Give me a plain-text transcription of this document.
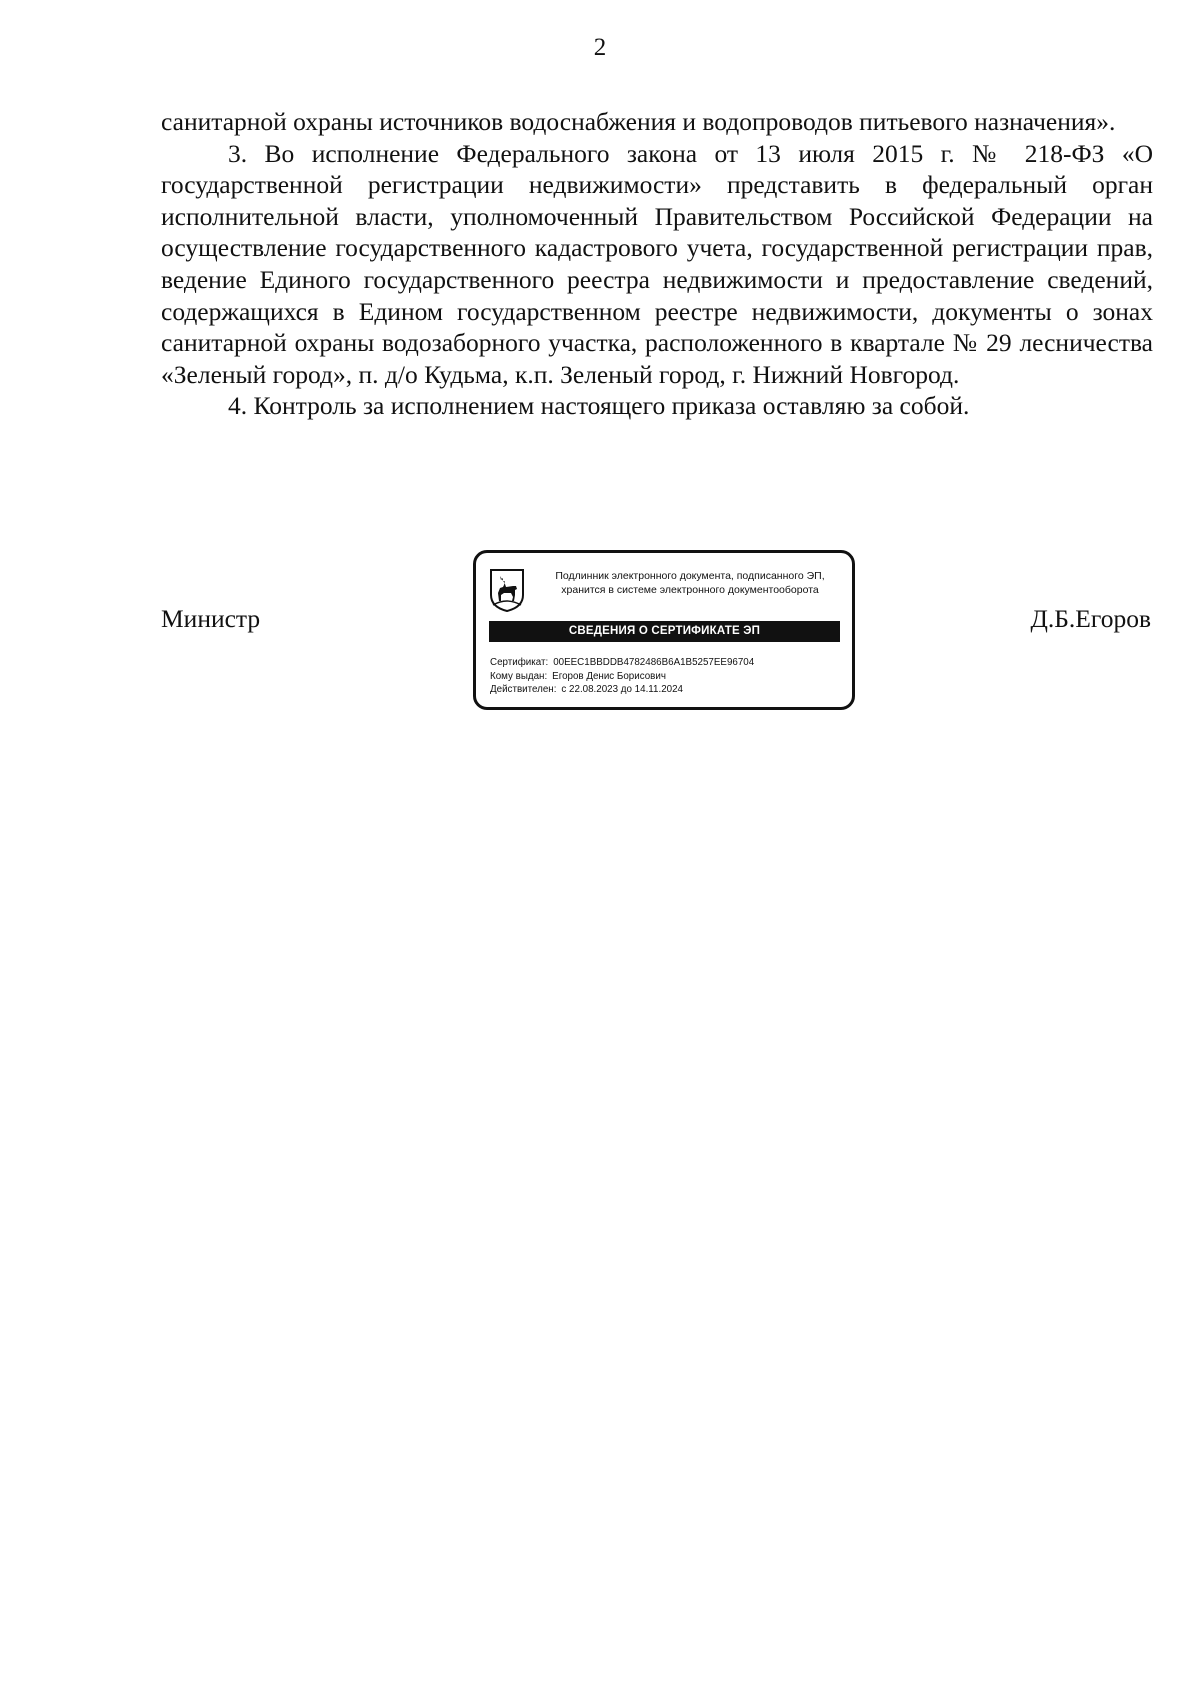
2

санитарной охраны источников водоснабжения и водопроводов питьевого назначения».

3. Во исполнение Федерального закона от 13 июля 2015 г. № 218-ФЗ «О государственной регистрации недвижимости» представить в федеральный орган исполнительной власти, уполномоченный Правительством Российской Федерации на осуществление государственного кадастрового учета, государственной регистрации прав, ведение Единого государственного реестра недвижимости и предоставление сведений, содержащихся в Едином государственном реестре недвижимости, документы о зонах санитарной охраны водозаборного участка, расположенного в квартале № 29 лесничества «Зеленый город», п. д/о Кудьма, к.п. Зеленый город, г. Нижний Новгород.

4. Контроль за исполнением настоящего приказа оставляю за собой.

Министр	Д.Б.Егоров
Подлинник электронного документа, подписанного ЭП,
хранится в системе электронного документооборота
СВЕДЕНИЯ О СЕРТИФИКАТЕ ЭП
Сертификат: 00EEC1BBDDB4782486B6A1B5257EE96704
Кому выдан: Егоров Денис Борисович
Действителен: с 22.08.2023 до 14.11.2024
